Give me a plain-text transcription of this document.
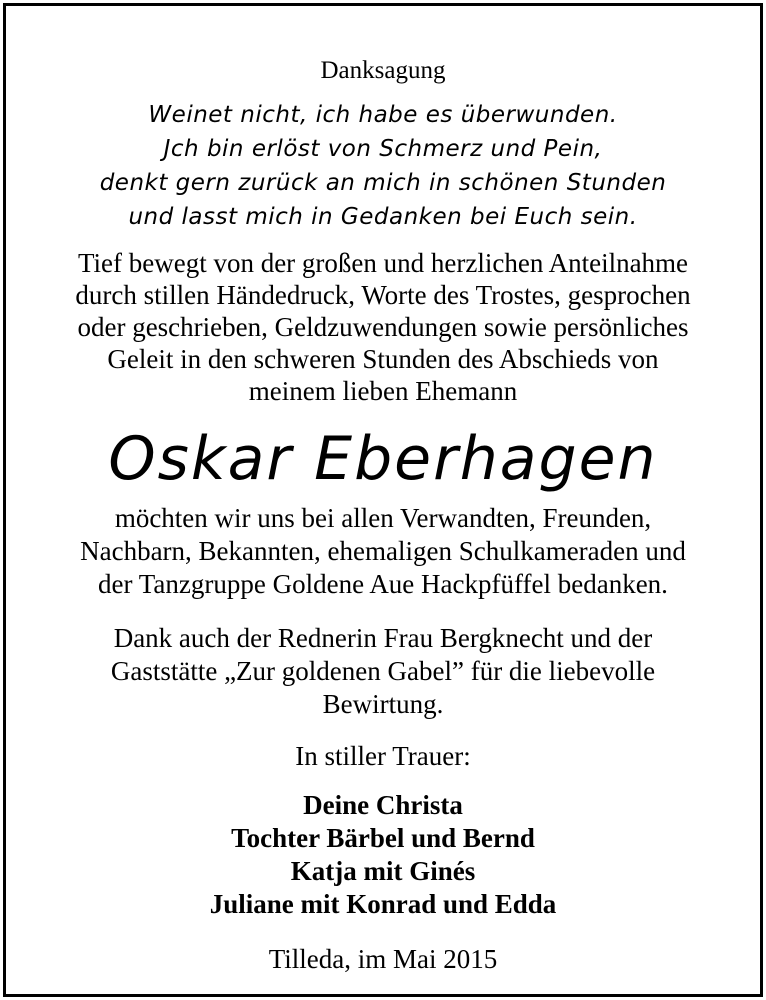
Danksagung
Weinet nicht, ich habe es überwunden.
Jch bin erlöst von Schmerz und Pein,
denkt gern zurück an mich in schönen Stunden
und lasst mich in Gedanken bei Euch sein.
Tief bewegt von der großen und herzlichen Anteilnahme
durch stillen Händedruck, Worte des Trostes, gesprochen
oder geschrieben, Geldzuwendungen sowie persönliches
Geleit in den schweren Stunden des Abschieds von
meinem lieben Ehemann
Oskar Eberhagen
möchten wir uns bei allen Verwandten, Freunden,
Nachbarn, Bekannten, ehemaligen Schulkameraden und
der Tanzgruppe Goldene Aue Hackpfüffel bedanken.
Dank auch der Rednerin Frau Bergknecht und der
Gaststätte „Zur goldenen Gabel” für die liebevolle
Bewirtung.
In stiller Trauer:
Deine Christa
Tochter Bärbel und Bernd
Katja mit Ginés
Juliane mit Konrad und Edda
Tilleda, im Mai 2015
